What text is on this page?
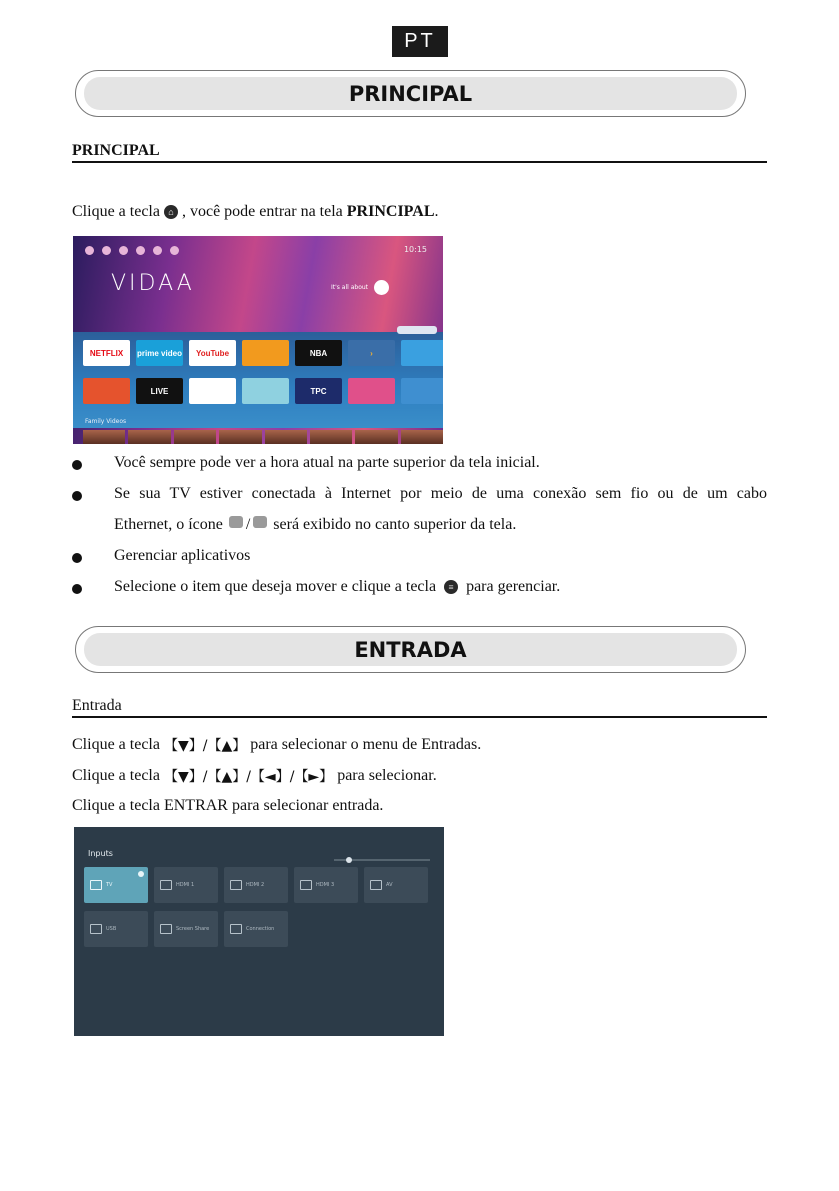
PT
PRINCIPAL
PRINCIPAL
Clique a tecla ⌂ , você pode entrar na tela
PRINCIPAL .
10:15
VIDAA	It's all about
NETFLIX	prime video	YouTube	NBA	›
LIVE	TPC
Family Videos
Você sempre pode ver a hora atual na parte superior da tela inicial.
Se sua TV estiver conectada à Internet por meio de uma conexão sem fio ou de um cabo
Ethernet, o ícone	/	será exibido no canto superior da tela.
Gerenciar aplicativos
Selecione o item que deseja mover e clique a tecla ≡ para gerenciar.
ENTRADA
Entrada
Clique a tecla
【▼】/【▲】
para selecionar o menu de Entradas.
Clique a tecla
【▼】/【▲】/【◄】/【►】
para selecionar.
Clique a tecla ENTRAR para selecionar entrada.
Inputs
TV	HDMI 1	HDMI 2	HDMI 3	AV
USB	Screen Share	Connection
